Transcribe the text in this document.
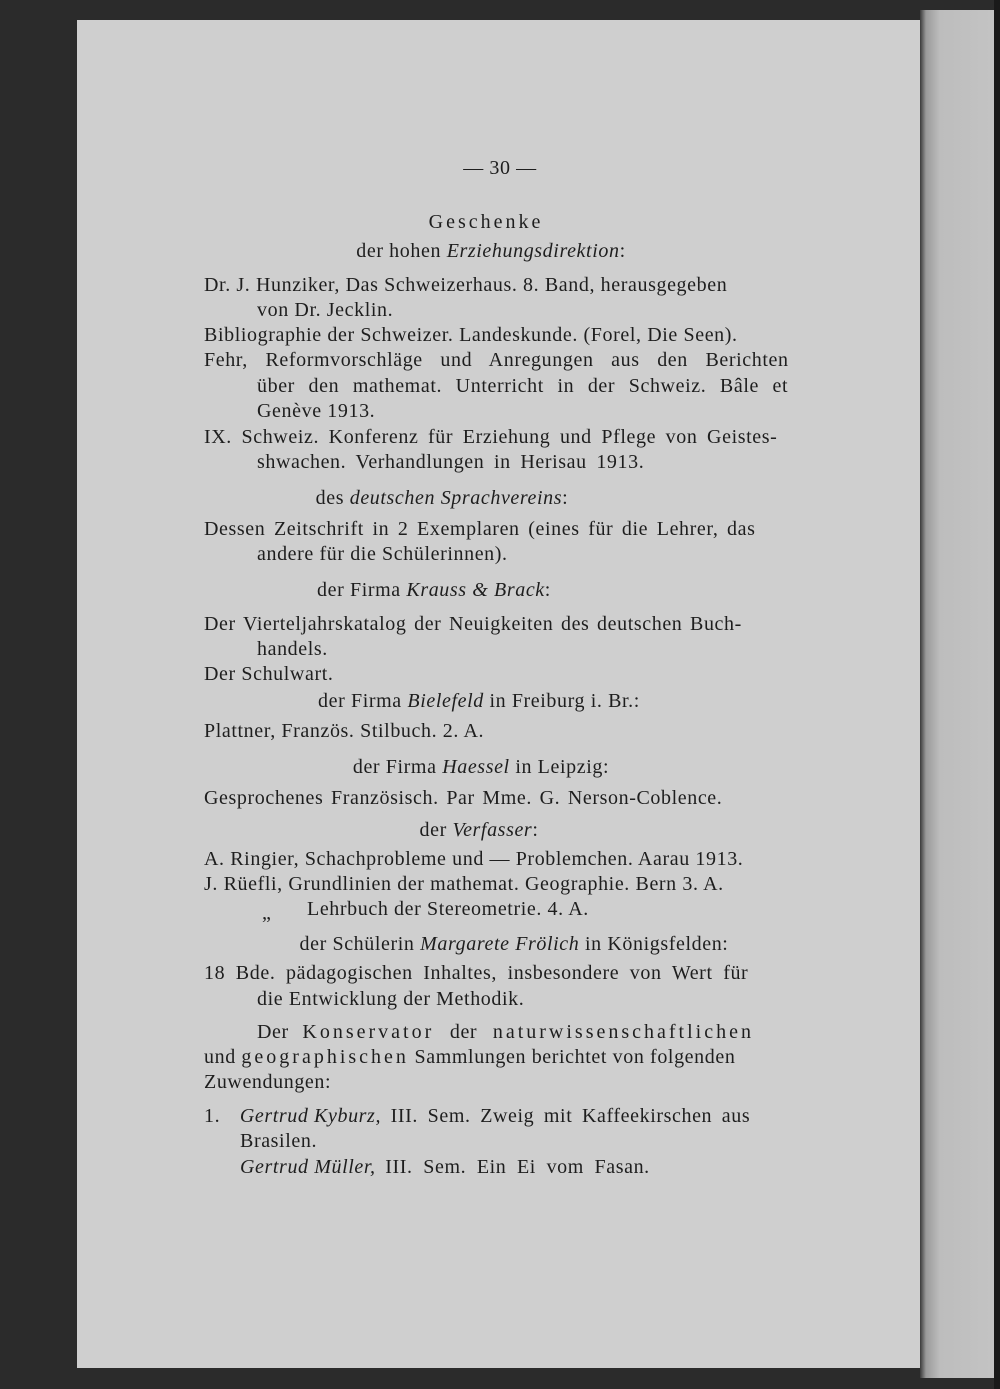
— 30 —
Geschenke
der hohen Erziehungsdirektion:
Dr. J. Hunziker, Das Schweizerhaus. 8. Band, herausgegeben
von Dr. Jecklin.
Bibliographie der Schweizer. Landeskunde. (Forel, Die Seen).
Fehr, Reformvorschläge und Anregungen aus den Berichten
über den mathemat. Unterricht in der Schweiz. Bâle et
Genève 1913.
IX. Schweiz. Konferenz für Erziehung und Pflege von Geistes-
shwachen. Verhandlungen in Herisau 1913.
des deutschen Sprachvereins:
Dessen Zeitschrift in 2 Exemplaren (eines für die Lehrer, das
andere für die Schülerinnen).
der Firma Krauss & Brack:
Der Vierteljahrskatalog der Neuigkeiten des deutschen Buch-
handels.
Der Schulwart.
der Firma Bielefeld in Freiburg i. Br.:
Plattner, Französ. Stilbuch. 2. A.
der Firma Haessel in Leipzig:
Gesprochenes Französisch. Par Mme. G. Nerson-Coblence.
der Verfasser:
A. Ringier, Schachprobleme und — Problemchen. Aarau 1913.
J. Rüefli, Grundlinien der mathemat. Geographie. Bern 3. A.
„ Lehrbuch der Stereometrie. 4. A.
der Schülerin Margarete Frölich in Königsfelden:
18 Bde. pädagogischen Inhaltes, insbesondere von Wert für
die Entwicklung der Methodik.
Der Konservator der naturwissenschaftlichen
und geographischen Sammlungen berichtet von folgenden
Zuwendungen:
1. Gertrud Kyburz, III. Sem. Zweig mit Kaffeekirschen aus
Brasilen.
Gertrud Müller, III. Sem. Ein Ei vom Fasan.
